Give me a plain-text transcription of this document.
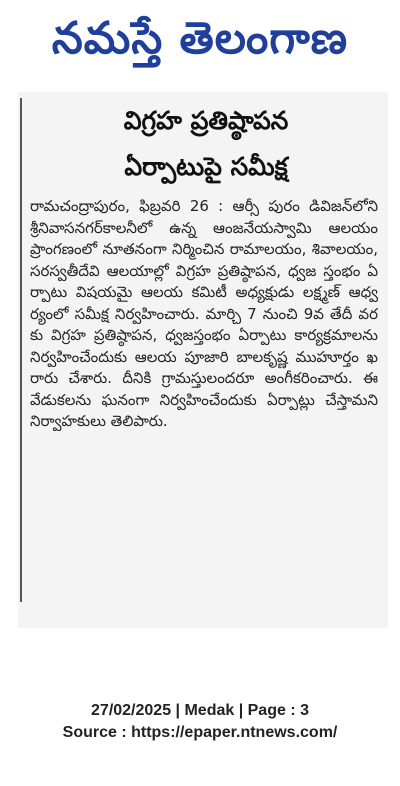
నమస్తే తెలంగాణ
విగ్రహ ప్రతిష్ఠాపన
ఏర్పాటుపై సమీక్ష
రామచంద్రాపురం, ఫిబ్రవరి 26 : ఆర్సీ పురం డివిజన్‌లోని శ్రీనివాసనగర్‌కాలనీలో ఉన్న ఆంజనేయస్వామి ఆలయం ప్రాంగణంలో నూతనంగా నిర్మించిన రామాలయం, శివాలయం, సరస్వతీదేవి ఆలయాల్లో విగ్రహ ప్రతిష్ఠాపన, ధ్వజ స్తంభం ఏర్పాటు విషయమై ఆలయ కమిటీ అధ్యక్షుడు లక్ష్మణ్ ఆధ్వర్యంలో సమీక్ష నిర్వహించారు. మార్చి 7 నుంచి 9వ తేదీ వరకు విగ్రహ ప్రతిష్ఠాపన, ధ్వజస్తంభం ఏర్పాటు కార్యక్రమాలను నిర్వహించేందుకు ఆలయ పూజారి బాలకృష్ణ ముహూర్తం ఖరారు చేశారు. దీనికి గ్రామస్తులందరూ అంగీకరించారు. ఈ వేడుకలను ఘనంగా నిర్వహించేందుకు ఏర్పాట్లు చేస్తామని నిర్వాహకులు తెలిపారు.
27/02/2025 | Medak | Page : 3
Source : https://epaper.ntnews.com/
